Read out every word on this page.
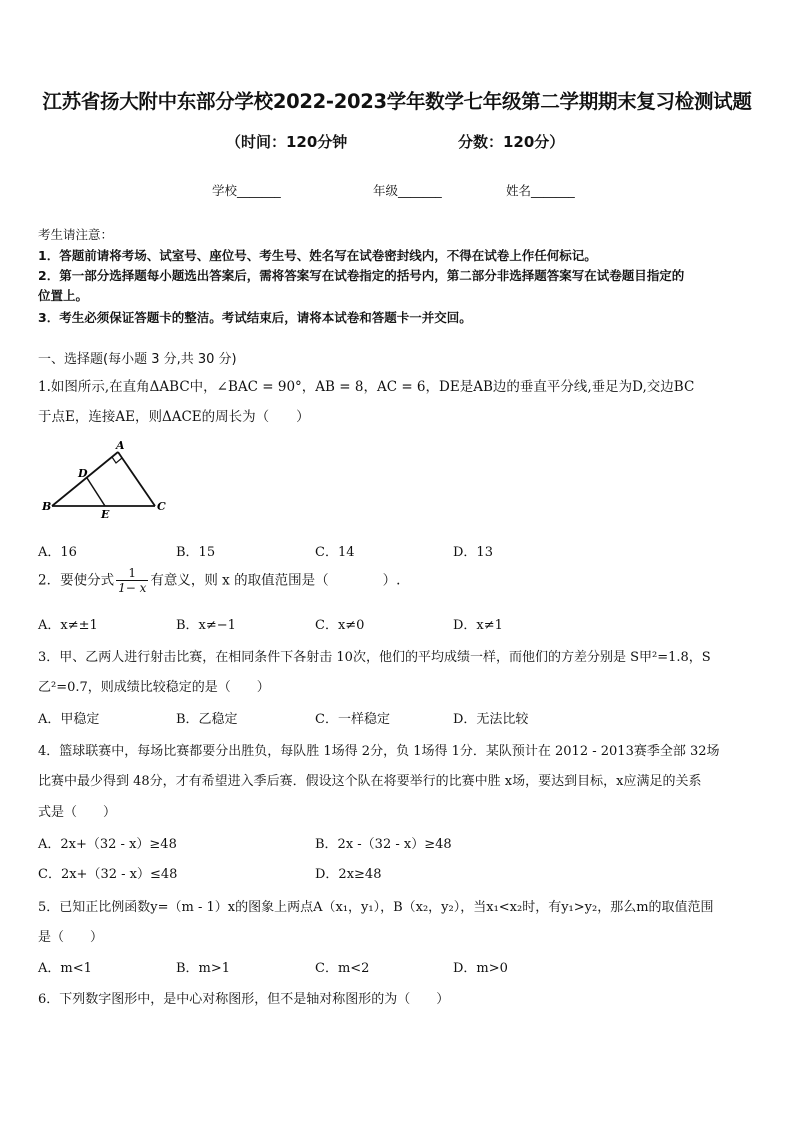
江苏省扬大附中东部分学校2022-2023学年数学七年级第二学期期末复习检测试题
（时间：120分钟	分数：120分）
学校_______	年级_______	姓名_______
考生请注意：
1．答题前请将考场、试室号、座位号、考生号、姓名写在试卷密封线内，不得在试卷上作任何标记。
2．第一部分选择题每小题选出答案后，需将答案写在试卷指定的括号内，第二部分非选择题答案写在试卷题目指定的
位置上。
3．考生必须保证答题卡的整洁。考试结束后，请将本试卷和答题卡一并交回。
一、选择题(每小题 3 分,共 30 分)
1.如图所示,在直角ΔABC中，∠BAC = 90°，AB = 8，AC = 6，DE是AB边的垂直平分线,垂足为D,交边BC
于点E，连接AE，则ΔACE的周长为（　　）
A
D
B
E
C
A．16	B．15	C．14	D．13
2．要使分式 $\frac{1}{1- x}$ 有意义，则 x 的取值范围是（　　　　）.
A．x≠±1	B．x≠−1	C．x≠0	D．x≠1
3．甲、乙两人进行射击比赛，在相同条件下各射击 10次，他们的平均成绩一样，而他们的方差分别是 S甲²=1.8，S
乙²=0.7，则成绩比较稳定的是（　　）
A．甲稳定	B．乙稳定	C．一样稳定	D．无法比较
4．篮球联赛中，每场比赛都要分出胜负，每队胜 1场得 2分，负 1场得 1分．某队预计在 2012 - 2013赛季全部 32场
比赛中最少得到 48分，才有希望进入季后赛．假设这个队在将要举行的比赛中胜 x场，要达到目标，x应满足的关系
式是（　　）
A．2x+（32 - x）≥48	B．2x -（32 - x）≥48
C．2x+（32 - x）≤48	D．2x≥48
5．已知正比例函数y=（m - 1）x的图象上两点A（x₁，y₁），B（x₂，y₂），当x₁<x₂时，有y₁>y₂，那么m的取值范围
是（　　）
A．m<1	B．m>1	C．m<2	D．m>0
6．下列数字图形中，是中心对称图形，但不是轴对称图形的为（　　）
